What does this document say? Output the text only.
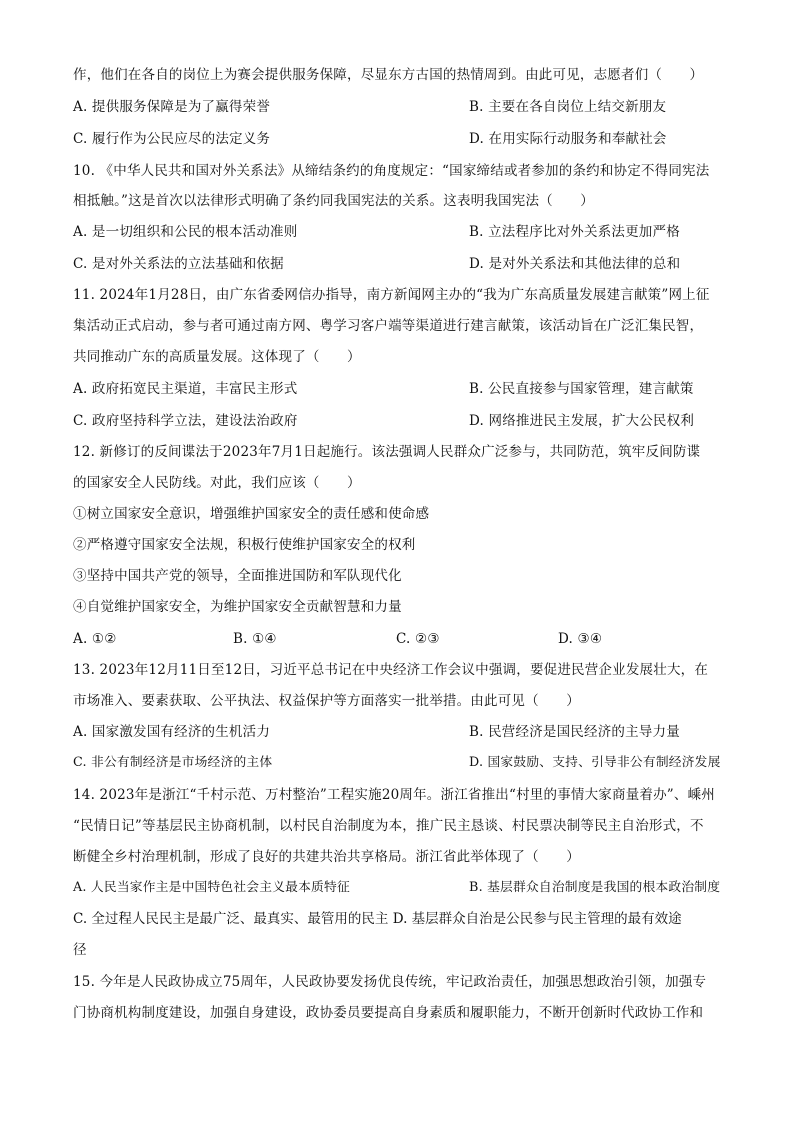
作，他们在各自的岗位上为赛会提供服务保障，尽显东方古国的热情周到。由此可见，志愿者们（　　）
A. 提供服务保障是为了赢得荣誉	B. 主要在各自岗位上结交新朋友
C. 履行作为公民应尽的法定义务	D. 在用实际行动服务和奉献社会
10. 《中华人民共和国对外关系法》从缔结条约的角度规定：“国家缔结或者参加的条约和协定不得同宪法
相抵触。”这是首次以法律形式明确了条约同我国宪法的关系。这表明我国宪法（　　）
A. 是一切组织和公民的根本活动准则	B. 立法程序比对外关系法更加严格
C. 是对外关系法的立法基础和依据	D. 是对外关系法和其他法律的总和
11. 2024年1月28日，由广东省委网信办指导，南方新闻网主办的“我为广东高质量发展建言献策”网上征
集活动正式启动，参与者可通过南方网、粤学习客户端等渠道进行建言献策，该活动旨在广泛汇集民智，
共同推动广东的高质量发展。这体现了（　　）
A. 政府拓宽民主渠道，丰富民主形式	B. 公民直接参与国家管理，建言献策
C. 政府坚持科学立法，建设法治政府	D. 网络推进民主发展，扩大公民权利
12. 新修订的反间谍法于2023年7月1日起施行。该法强调人民群众广泛参与，共同防范，筑牢反间防谍
的国家安全人民防线。对此，我们应该（　　）
①树立国家安全意识，增强维护国家安全的责任感和使命感
②严格遵守国家安全法规，积极行使维护国家安全的权利
③坚持中国共产党的领导，全面推进国防和军队现代化
④自觉维护国家安全，为维护国家安全贡献智慧和力量
A. ①②	B. ①④	C. ②③	D. ③④
13. 2023年12月11日至12日，习近平总书记在中央经济工作会议中强调，要促进民营企业发展壮大，在
市场准入、要素获取、公平执法、权益保护等方面落实一批举措。由此可见（　　）
A. 国家激发国有经济的生机活力	B. 民营经济是国民经济的主导力量
C. 非公有制经济是市场经济的主体	D. 国家鼓励、支持、引导非公有制经济发展
14. 2023年是浙江“千村示范、万村整治”工程实施20周年。浙江省推出“村里的事情大家商量着办”、嵊州
“民情日记”等基层民主协商机制，以村民自治制度为本，推广民主恳谈、村民票决制等民主自治形式，不
断健全乡村治理机制，形成了良好的共建共治共享格局。浙江省此举体现了（　　）
A. 人民当家作主是中国特色社会主义最本质特征	B. 基层群众自治制度是我国的根本政治制度
C. 全过程人民民主是最广泛、最真实、最管用的民主 D. 基层群众自治是公民参与民主管理的最有效途
径
15. 今年是人民政协成立75周年，人民政协要发扬优良传统，牢记政治责任，加强思想政治引领，加强专
门协商机构制度建设，加强自身建设，政协委员要提高自身素质和履职能力，不断开创新时代政协工作和
